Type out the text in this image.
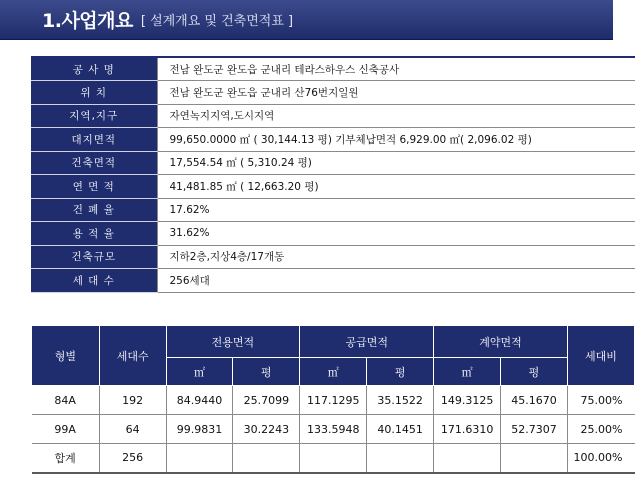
1.사업개요 [ 설계개요 및 건축면적표 ]
공 사 명	전남 완도군 완도읍 군내리 테라스하우스 신축공사
위 치	전남 완도군 완도읍 군내리 산76번지일원
지역,지구	자연녹지지역,도시지역
대지면적	99,650.0000 ㎡ ( 30,144.13 평) 기부체납면적 6,929.00 ㎡( 2,096.02 평)
건축면적	17,554.54 ㎡ ( 5,310.24 평)
연 면 적	41,481.85 ㎡ ( 12,663.20 평)
건 폐 율	17.62%
용 적 율	31.62%
건축규모	지하2층,지상4층/17개동
세 대 수	256세대
형별	세대수	전용면적		공급면적		계약면적		세대비
		㎡	평	㎡	평	㎡	평	
84A	192	84.9440	25.7099	117.1295	35.1522	149.3125	45.1670	75.00%
99A	64	99.9831	30.2243	133.5948	40.1451	171.6310	52.7307	25.00%
합계	256							100.00%
